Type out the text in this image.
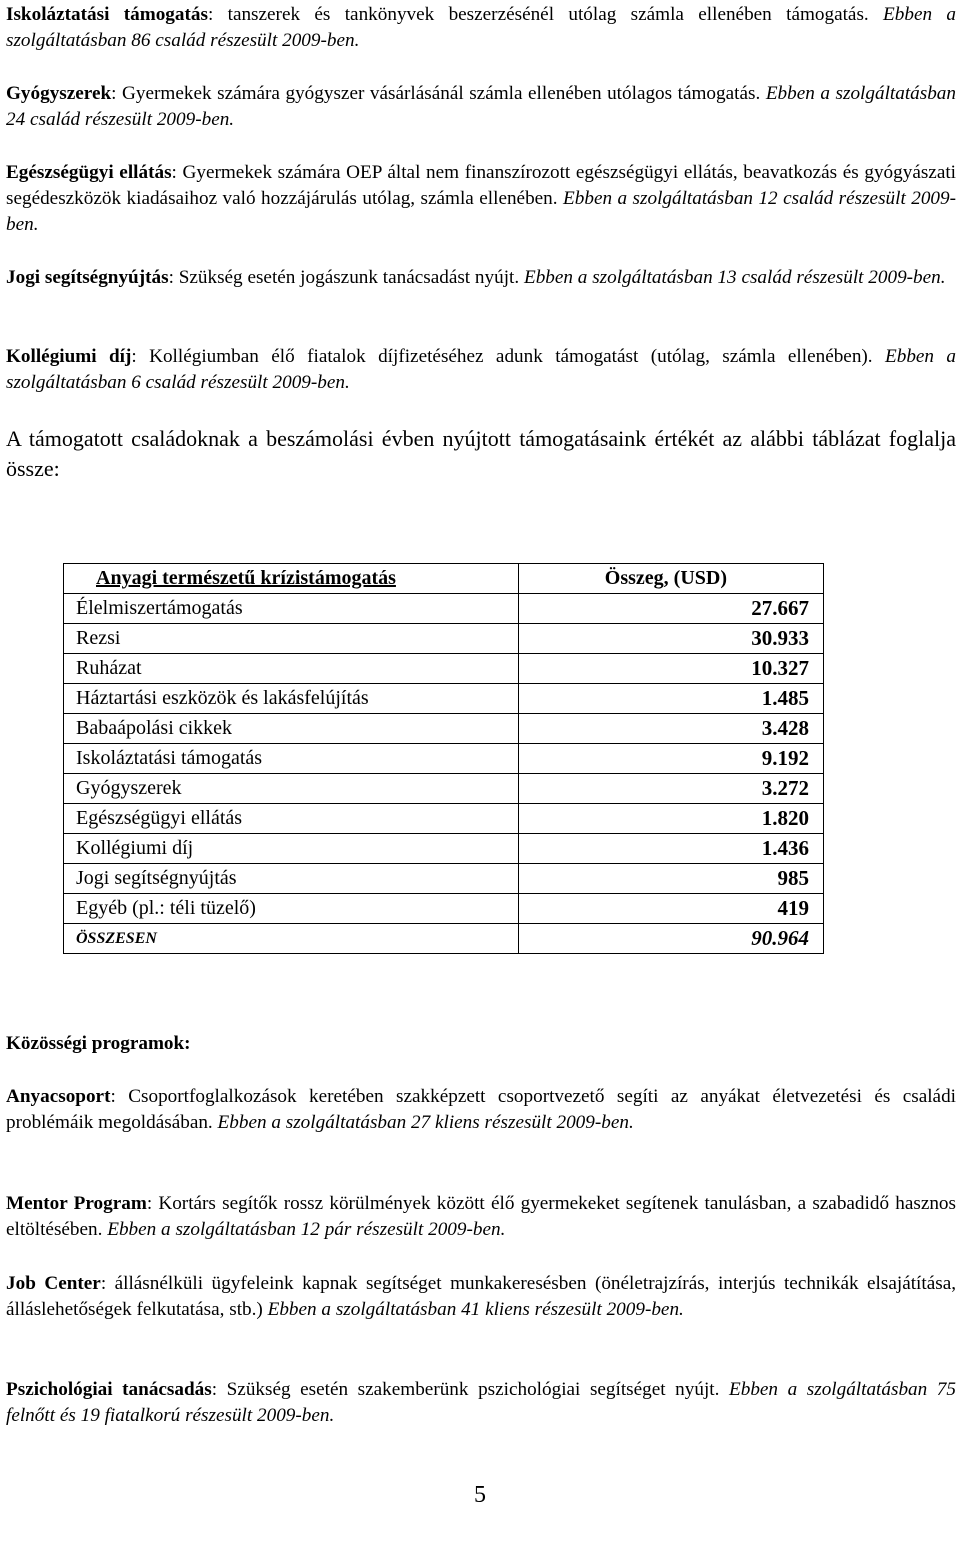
Iskoláztatási támogatás: tanszerek és tankönyvek beszerzésénél utólag számla ellenében támogatás. Ebben a szolgáltatásban 86 család részesült 2009-ben.

Gyógyszerek: Gyermekek számára gyógyszer vásárlásánál számla ellenében utólagos támogatás. Ebben a szolgáltatásban 24 család részesült 2009-ben.

Egészségügyi ellátás: Gyermekek számára OEP által nem finanszírozott egészségügyi ellátás, beavatkozás és gyógyászati segédeszközök kiadásaihoz való hozzájárulás utólag, számla ellenében. Ebben a szolgáltatásban 12 család részesült 2009-ben.

Jogi segítségnyújtás: Szükség esetén jogászunk tanácsadást nyújt. Ebben a szolgáltatásban 13 család részesült 2009-ben.

Kollégiumi díj: Kollégiumban élő fiatalok díjfizetéséhez adunk támogatást (utólag, számla ellenében). Ebben a szolgáltatásban 6 család részesült 2009-ben.

A támogatott családoknak a beszámolási évben nyújtott támogatásaink értékét az alábbi táblázat foglalja össze:

Anyagi természetű krízistámogatás	Összeg, (USD)
Élelmiszertámogatás	27.667
Rezsi	30.933
Ruházat	10.327
Háztartási eszközök és lakásfelújítás	1.485
Babaápolási cikkek	3.428
Iskoláztatási támogatás	9.192
Gyógyszerek	3.272
Egészségügyi ellátás	1.820
Kollégiumi díj	1.436
Jogi segítségnyújtás	985
Egyéb (pl.: téli tüzelő)	419
ÖSSZESEN	90.964

Közösségi programok:

Anyacsoport: Csoportfoglalkozások keretében szakképzett csoportvezető segíti az anyákat életvezetési és családi problémáik megoldásában. Ebben a szolgáltatásban 27 kliens részesült 2009-ben.

Mentor Program: Kortárs segítők rossz körülmények között élő gyermekeket segítenek tanulásban, a szabadidő hasznos eltöltésében. Ebben a szolgáltatásban 12 pár részesült 2009-ben.

Job Center: állásnélküli ügyfeleink kapnak segítséget munkakeresésben (önéletrajzírás, interjús technikák elsajátítása, álláslehetőségek felkutatása, stb.) Ebben a szolgáltatásban 41 kliens részesült 2009-ben.

Pszichológiai tanácsadás: Szükség esetén szakemberünk pszichológiai segítséget nyújt. Ebben a szolgáltatásban 75 felnőtt és 19 fiatalkorú részesült 2009-ben.

5
